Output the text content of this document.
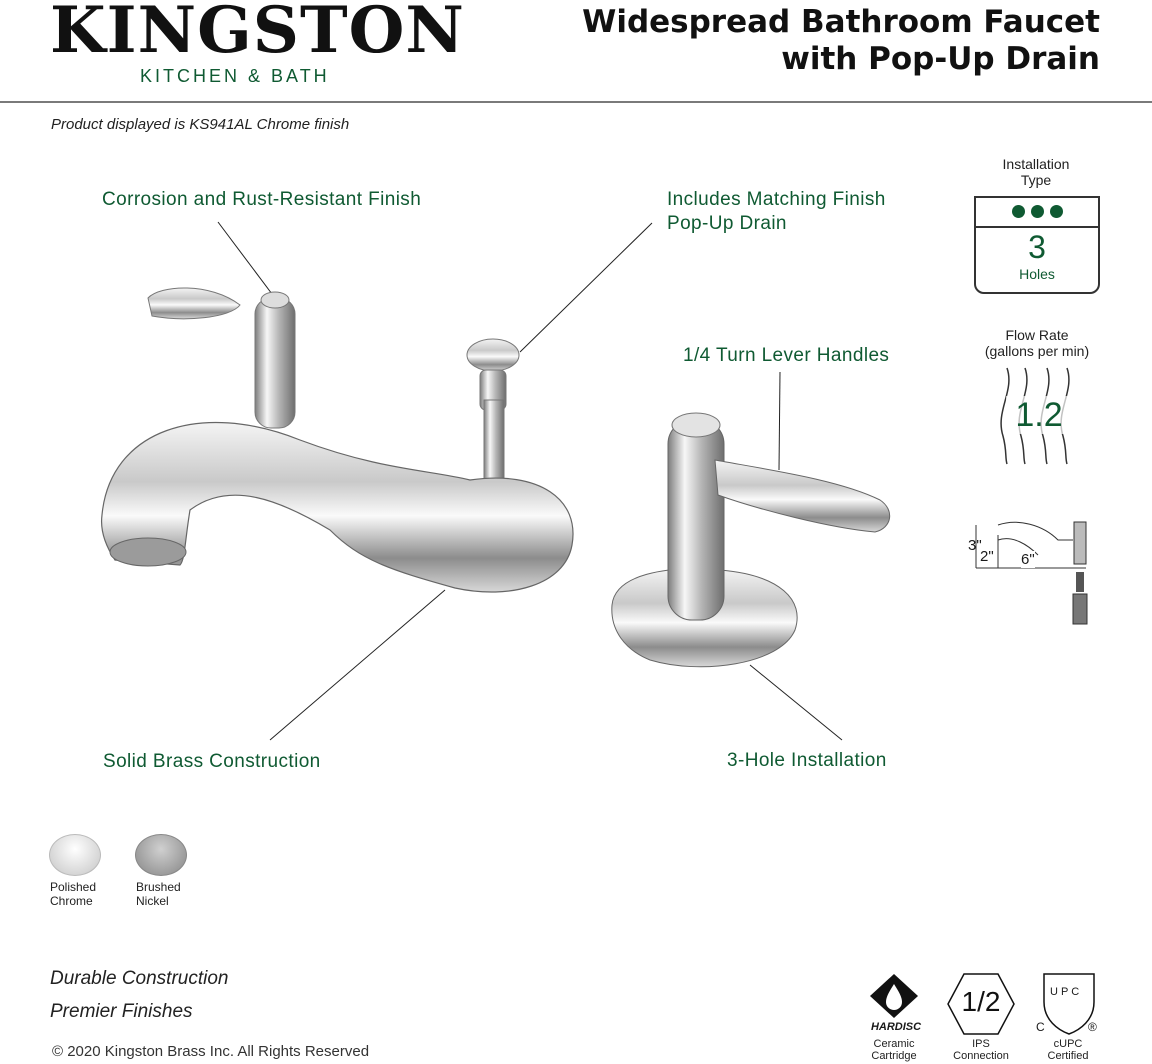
KINGSTON
KITCHEN & BATH
Widespread Bathroom Faucet
with Pop-Up Drain
Product displayed is KS941AL Chrome finish
Corrosion and Rust-Resistant Finish	Includes Matching Finish
Pop-Up Drain
1/4 Turn Lever Handles
Solid Brass Construction	3-Hole Installation
Installation
Type
3
Holes
Flow Rate
(gallons per min)
1.2
3"
2" 6"
Polished
Chrome
Brushed
Nickel
Durable Construction
Premier Finishes
© 2020 Kingston Brass Inc. All Rights Reserved
HARDISC
Ceramic
Cartridge
1/2
IPS
Connection
UPC
C	®
cUPC
Certified
